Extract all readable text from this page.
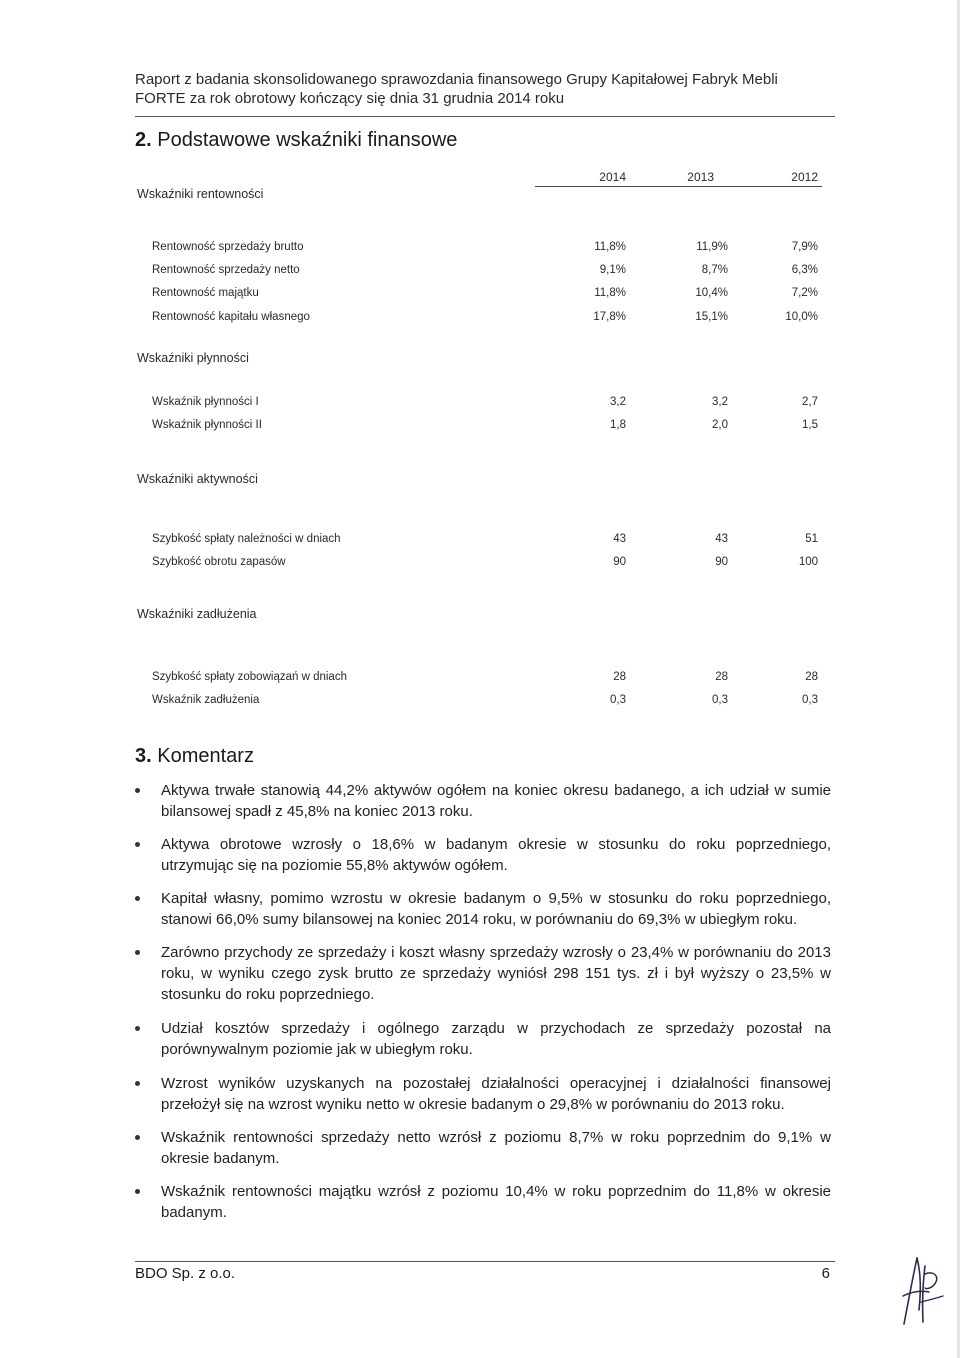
Raport z badania skonsolidowanego sprawozdania finansowego Grupy Kapitałowej Fabryk Mebli
FORTE za rok obrotowy kończący się dnia 31 grudnia 2014 roku
2. Podstawowe wskaźniki finansowe
2014	2013	2012
Wskaźniki rentowności
Rentowność sprzedaży brutto	11,8%	11,9%	7,9%
Rentowność sprzedaży netto	9,1%	8,7%	6,3%
Rentowność majątku	11,8%	10,4%	7,2%
Rentowność kapitału własnego	17,8%	15,1%	10,0%
Wskaźniki płynności
Wskaźnik płynności I	3,2	3,2	2,7
Wskaźnik płynności II	1,8	2,0	1,5
Wskaźniki aktywności
Szybkość spłaty należności w dniach	43	43	51
Szybkość obrotu zapasów	90	90	100
Wskaźniki zadłużenia
Szybkość spłaty zobowiązań w dniach	28	28	28
Wskaźnik zadłużenia	0,3	0,3	0,3
3. Komentarz
Aktywa trwałe stanowią 44,2% aktywów ogółem na koniec okresu badanego, a ich udział w sumie bilansowej spadł z 45,8% na koniec 2013 roku.
Aktywa obrotowe wzrosły o 18,6% w badanym okresie w stosunku do roku poprzedniego, utrzymując się na poziomie 55,8% aktywów ogółem.
Kapitał własny, pomimo wzrostu w okresie badanym o 9,5% w stosunku do roku poprzedniego, stanowi 66,0% sumy bilansowej na koniec 2014 roku, w porównaniu do 69,3% w ubiegłym roku.
Zarówno przychody ze sprzedaży i koszt własny sprzedaży wzrosły o 23,4% w porównaniu do 2013 roku, w wyniku czego zysk brutto ze sprzedaży wyniósł 298 151 tys. zł i był wyższy o 23,5% w stosunku do roku poprzedniego.
Udział kosztów sprzedaży i ogólnego zarządu w przychodach ze sprzedaży pozostał na porównywalnym poziomie jak w ubiegłym roku.
Wzrost wyników uzyskanych na pozostałej działalności operacyjnej i działalności finansowej przełożył się na wzrost wyniku netto w okresie badanym o 29,8% w porównaniu do 2013 roku.
Wskaźnik rentowności sprzedaży netto wzrósł z poziomu 8,7% w roku poprzednim do 9,1% w okresie badanym.
Wskaźnik rentowności majątku wzrósł z poziomu 10,4% w roku poprzednim do 11,8% w okresie badanym.
BDO Sp. z o.o.	6
